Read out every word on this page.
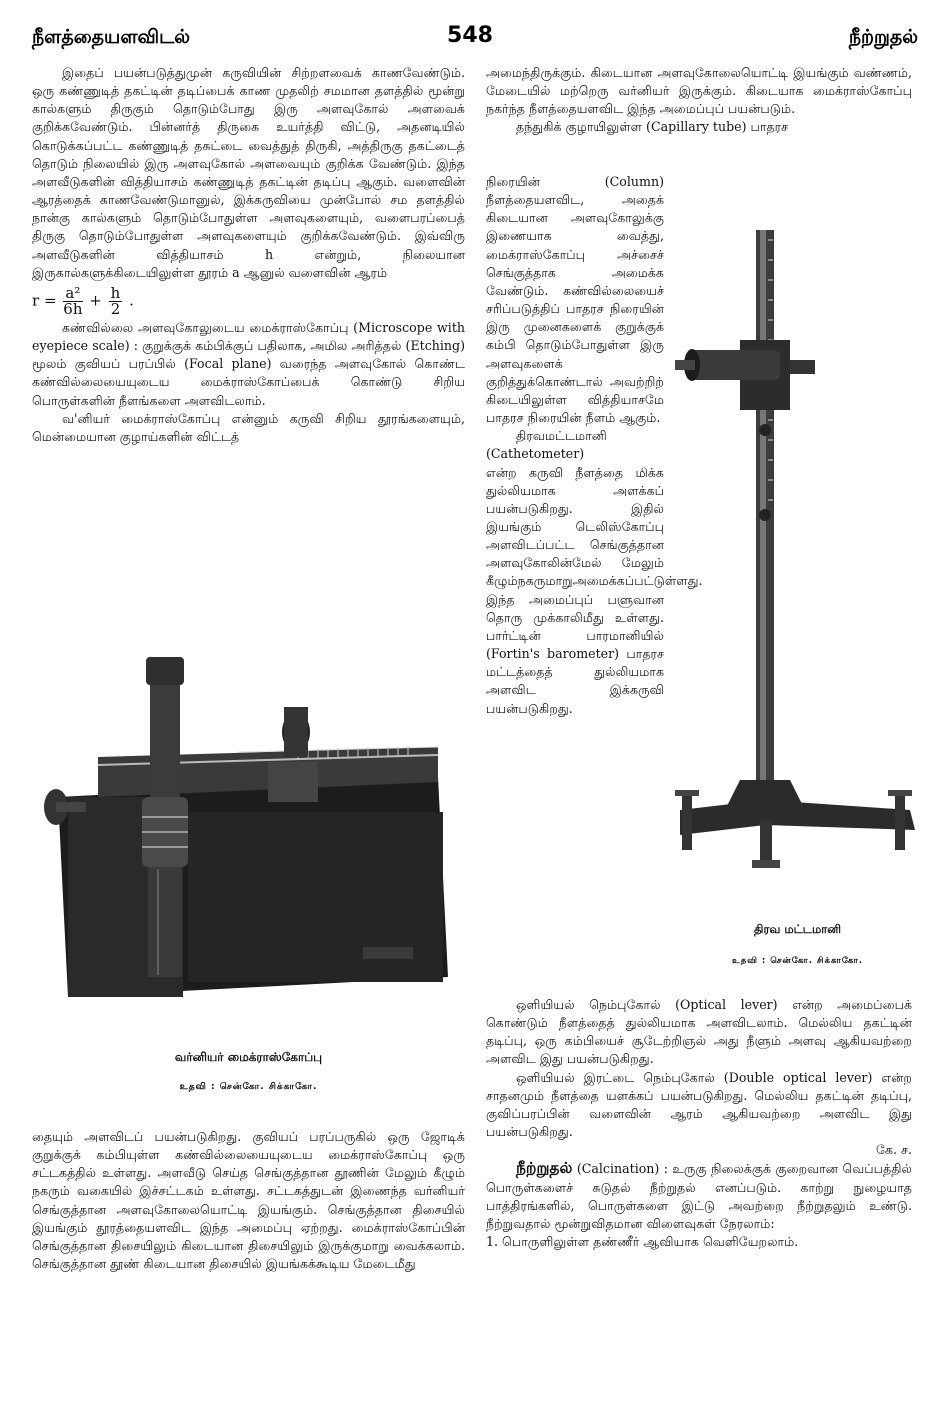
நீளத்தையளவிடல்	548	நீற்றுதல்

இதைப் பயன்படுத்துமுன் கருவியின் சிற்றளவைக் காணவேண்டும். ஒரு கண்ணுடித் தகட்டின் தடிப்பைக் காண முதலிற் சமமான தளத்தில் மூன்று கால்களும் திருகும் தொடும்போது இரு அளவுகோல் அளவைக் குறிக்கவேண்டும். பின்னர்த் திருகை உயர்த்தி விட்டு, அதனடியில் கொடுக்கப்பட்ட கண்ணுடித் தகட்டை வைத்துத் திருகி, அத்திருகு தகட்டைத் தொடும் நிலையில் இரு அளவுகோல் அளவையும் குறிக்க வேண்டும். இந்த அளவீடுகளின் வித்தியாசம் கண்ணுடித் தகட்டின் தடிப்பு ஆகும். வளைவின் ஆரத்தைக் காணவேண்டுமானுல், இக்கருவியை முன்போல் சம தளத்தில் நான்கு கால்களும் தொடும்போதுள்ள அளவுகளையும், வளைபரப்பைத் திருகு தொடும்போதுள்ள அளவுகளையும் குறிக்கவேண்டும். இவ்விரு அளவீடுகளின் வித்தியாசம் h என்றும், நிலையான இருகால்களுக்கிடையிலுள்ள தூரம் a ஆனுல் வளைவின் ஆரம்

$r = \frac{\text{a²}}{6h} + \frac{h}{2}$ .

கண்வில்லை அளவுகோலுடைய மைக்ராஸ்கோப்பு (Microscope with eyepiece scale) : குறுக்குக் கம்பிக்குப் பதிலாக, அமில அரித்தல் (Etching) மூலம் குவியப் பரப்பில் (Focal plane) வரைந்த அளவுகோல் கொண்ட கண்வில்லையையுடைய மைக்ராஸ்கோப்பைக் கொண்டு சிறிய பொருள்களின் நீளங்களை அளவிடலாம்.

வ'னியர் மைக்ராஸ்கோப்பு என்னும் கருவி சிறிய தூரங்களையும், மென்மையான குழாய்களின் விட்டத்

வர்னியர் மைக்ராஸ்கோப்பு
உதவி : சென்கோ. சிக்காகோ.

தையும் அளவிடப் பயன்படுகிறது. குவியப் பரப்பருகில் ஒரு ஜோடிக் குறுக்குக் கம்பியுள்ள கண்வில்லையையுடைய மைக்ராஸ்கோப்பு ஒரு சட்டகத்தில் உள்ளது. அளவீடு செய்த செங்குத்தான தூணின் மேலும் கீழும் நகரும் வகையில் இச்சட்டகம் உள்ளது. சட்டகத்துடன் இணைந்த வர்னியர் செங்குத்தான அளவுகோலையொட்டி இயங்கும். செங்குத்தான திசையில் இயங்கும் தூரத்தையளவிட இந்த அமைப்பு ஏற்றது. மைக்ராஸ்கோப்பின் செங்குத்தான திசையிலும் கிடையான திசையிலும் இருக்குமாறு வைக்கலாம். செங்குத்தான தூண் கிடையான திசையில் இயங்கக்கூடிய மேடைமீது

அமைந்திருக்கும். கிடையான அளவுகோலையொட்டி இயங்கும் வண்ணம், மேடையில் மற்றெரு வர்னியர் இருக்கும். கிடையாக மைக்ராஸ்கோப்பு நகர்ந்த நீளத்தையளவிட இந்த அமைப்புப் பயன்படும்.

தந்துகிக் குழாயிலுள்ள (Capillary tube) பாதரச

நிரையின் (Column) நீளத்தையளவிட, அதைக் கிடையான அளவுகோலுக்கு இணையாக வைத்து, மைக்ராஸ்கோப்பு அச்சைச் செங்குத்தாக அமைக்க வேண்டும். கண்வில்லையைச் சரிப்படுத்திப் பாதரச நிரையின் இரு முனைகளைக் குறுக்குக் கம்பி தொடும்போதுள்ள இரு அளவுகளைக் குறித்துக்கொண்டால் அவற்றிற் கிடையிலுள்ள வித்தியாசமே பாதரச நிரையின் நீளம் ஆகும்.

திரவமட்டமானி (Cathetometer)

என்ற கருவி நீளத்தை மிக்க துல்லியமாக அளக்கப் பயன்படுகிறது. இதில் இயங்கும் டெலிஸ்கோப்பு அளவிடப்பட்ட செங்குத்தான அளவுகோலின்மேல் மேலும் கீழும்நகருமாறுஅமைக்கப்பட்டுள்ளது. இந்த அமைப்புப் பளுவான தொரு முக்காலிமீது உள்ளது. பார்ட்டின் பாரமானியில் (Fortin's barometer) பாதரச மட்டத்தைத் துல்லியமாக அளவிட இக்கருவி பயன்படுகிறது.

திரவ மட்டமானி
உதவி : சென்கோ. சிக்காகோ.

ஒளியியல் நெம்புகோல் (Optical lever) என்ற அமைப்பைக் கொண்டும் நீளத்தைத் துல்லியமாக அளவிடலாம். மெல்லிய தகட்டின் தடிப்பு, ஒரு கம்பியைச் சூடேற்றிஞல் அது நீளும் அளவு ஆகியவற்றை அளவிட இது பயன்படுகிறது.

ஒளியியல் இரட்டை நெம்புகோல் (Double optical lever) என்ற சாதனமும் நீளத்தை யளக்கப் பயன்படுகிறது. மெல்லிய தகட்டின் தடிப்பு, குவிப்பரப்பின் வளைவின் ஆரம் ஆகியவற்றை அளவிட இது பயன்படுகிறது.

கே. ச.

நீற்றுதல் (Calcination) : உருகு நிலைக்குக் குறைவான வெப்பத்தில் பொருள்களைச் சுடுதல் நீற்றுதல் எனப்படும். காற்று நுழையாத பாத்திரங்களில், பொருள்களை இட்டு அவற்றை நீற்றுதலும் உண்டு. நீற்றுவதால் மூன்றுவிதமான விளைவுகள் நேரலாம்:

1. பொருளிலுள்ள தண்ணீர் ஆவியாக வெளியேறலாம்.
